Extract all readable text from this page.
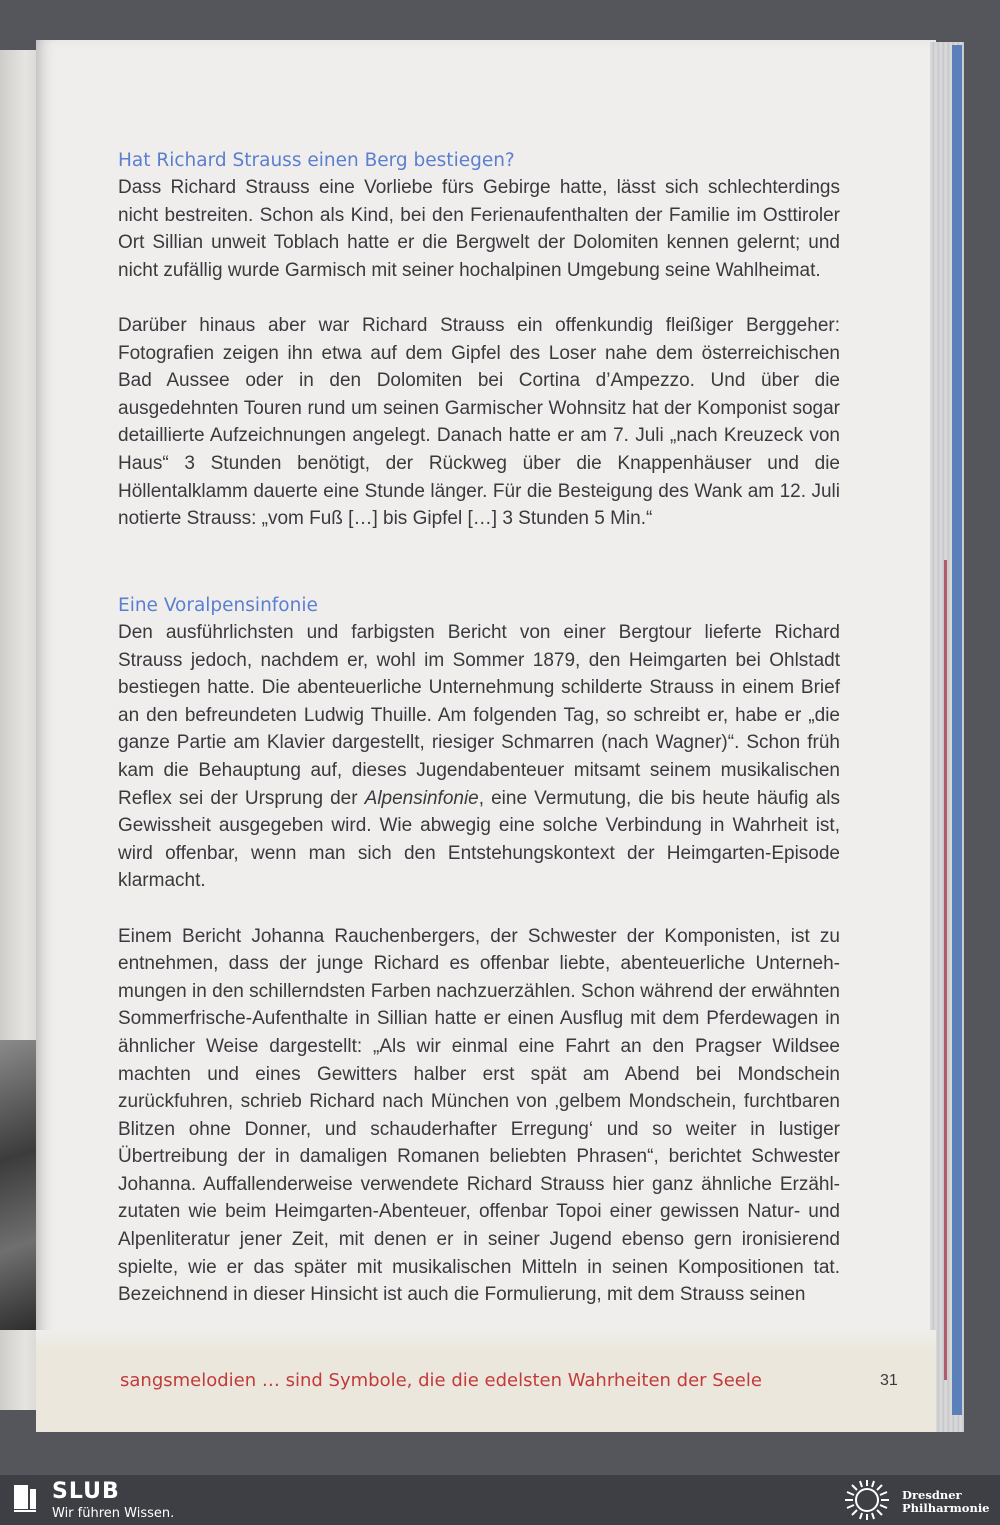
Hat Richard Strauss einen Berg bestiegen?

Dass Richard Strauss eine Vorliebe fürs Gebirge hatte, lässt sich schlechterdings nicht bestreiten. Schon als Kind, bei den Ferienaufenthalten der Familie im Osttiroler Ort Sillian unweit Toblach hatte er die Bergwelt der Dolomiten kennen gelernt; und nicht zufällig wurde Garmisch mit seiner hochalpinen Umgebung seine Wahlheimat.

Darüber hinaus aber war Richard Strauss ein offenkundig fleißiger Berggeher: Fotografien zeigen ihn etwa auf dem Gipfel des Loser nahe dem österreichischen Bad Aussee oder in den Dolomiten bei Cortina d’Ampezzo. Und über die ausgedehnten Touren rund um seinen Garmischer Wohnsitz hat der Komponist sogar detaillierte Aufzeichnungen angelegt. Danach hatte er am 7. Juli „nach Kreuzeck von Haus“ 3 Stunden benötigt, der Rückweg über die Knappenhäuser und die Höllentalklamm dauerte eine Stunde länger. Für die Besteigung des Wank am 12. Juli notierte Strauss: „vom Fuß […] bis Gipfel […] 3 Stunden 5 Min.“

Eine Voralpensinfonie

Den ausführlichsten und farbigsten Bericht von einer Bergtour lieferte Richard Strauss jedoch, nachdem er, wohl im Sommer 1879, den Heimgarten bei Ohlstadt bestiegen hatte. Die abenteuerliche Unternehmung schilderte Strauss in einem Brief an den befreundeten Ludwig Thuille. Am folgenden Tag, so schreibt er, habe er „die ganze Partie am Klavier dargestellt, riesiger Schmarren (nach Wagner)“. Schon früh kam die Behauptung auf, dieses Jugendabenteuer mitsamt seinem musikalischen Reflex sei der Ursprung der Alpensinfonie, eine Vermutung, die bis heute häufig als Gewissheit ausgegeben wird. Wie abwegig eine solche Verbindung in Wahrheit ist, wird offenbar, wenn man sich den Entstehungskontext der Heimgarten-Episode klarmacht.

Einem Bericht Johanna Rauchenbergers, der Schwester der Komponisten, ist zu entnehmen, dass der junge Richard es offenbar liebte, abenteuerliche Unternehmungen in den schillerndsten Farben nachzuerzählen. Schon während der erwähnten Sommerfrische-Aufenthalte in Sillian hatte er einen Ausflug mit dem Pferdewagen in ähnlicher Weise dargestellt: „Als wir einmal eine Fahrt an den Pragser Wildsee machten und eines Gewitters halber erst spät am Abend bei Mondschein zurückfuhren, schrieb Richard nach München von ‚gelbem Mondschein, furchtbaren Blitzen ohne Donner, und schauderhafter Erregung‘ und so weiter in lustiger Übertreibung der in damaligen Romanen beliebten Phrasen“, berichtet Schwester Johanna. Auffallenderweise verwendete Richard Strauss hier ganz ähnliche Erzählzutaten wie beim Heimgarten-Abenteuer, offenbar Topoi einer gewissen Natur- und Alpenliteratur jener Zeit, mit denen er in seiner Jugend ebenso gern ironisierend spielte, wie er das später mit musikalischen Mitteln in seinen Kompositionen tat. Bezeichnend in dieser Hinsicht ist auch die Formulierung, mit dem Strauss seinen

sangsmelodien … sind Symbole, die die edelsten Wahrheiten der Seele	31
SLUB
Wir führen Wissen.
Dresdner
Philharmonie
